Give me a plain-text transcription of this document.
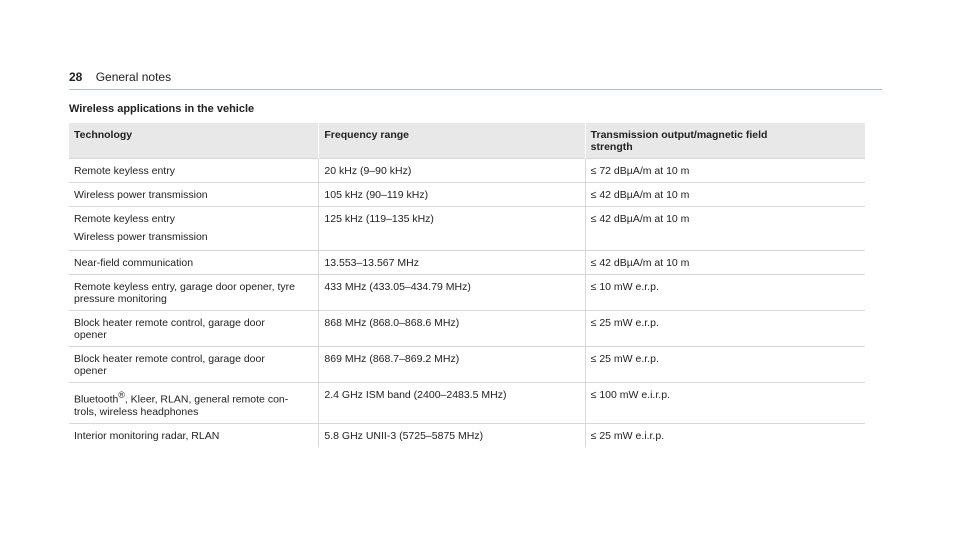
28 General notes
Wireless applications in the vehicle
Technology	Frequency range	Transmission output/magnetic field
strength
Remote keyless entry	20 kHz (9–90 kHz)	≤ 72 dBµA/m at 10 m
Wireless power transmission	105 kHz (90–119 kHz)	≤ 42 dBµA/m at 10 m

Remote keyless entry
Wireless power transmission	125 kHz (119–135 kHz)	≤ 42 dBµA/m at 10 m
Near-field communication	13.553–13.567 MHz	≤ 42 dBµA/m at 10 m
Remote keyless entry, garage door opener, tyre
pressure monitoring	433 MHz (433.05–434.79 MHz)	≤ 10 mW e.r.p.
Block heater remote control, garage door
opener	868 MHz (868.0–868.6 MHz)	≤ 25 mW e.r.p.
Block heater remote control, garage door
opener	869 MHz (868.7–869.2 MHz)	≤ 25 mW e.r.p.
Bluetooth®, Kleer, RLAN, general remote con-
trols, wireless headphones	2.4 GHz ISM band (2400–2483.5 MHz)	≤ 100 mW e.i.r.p.
Interior monitoring radar, RLAN	5.8 GHz UNII-3 (5725–5875 MHz)	≤ 25 mW e.i.r.p.
